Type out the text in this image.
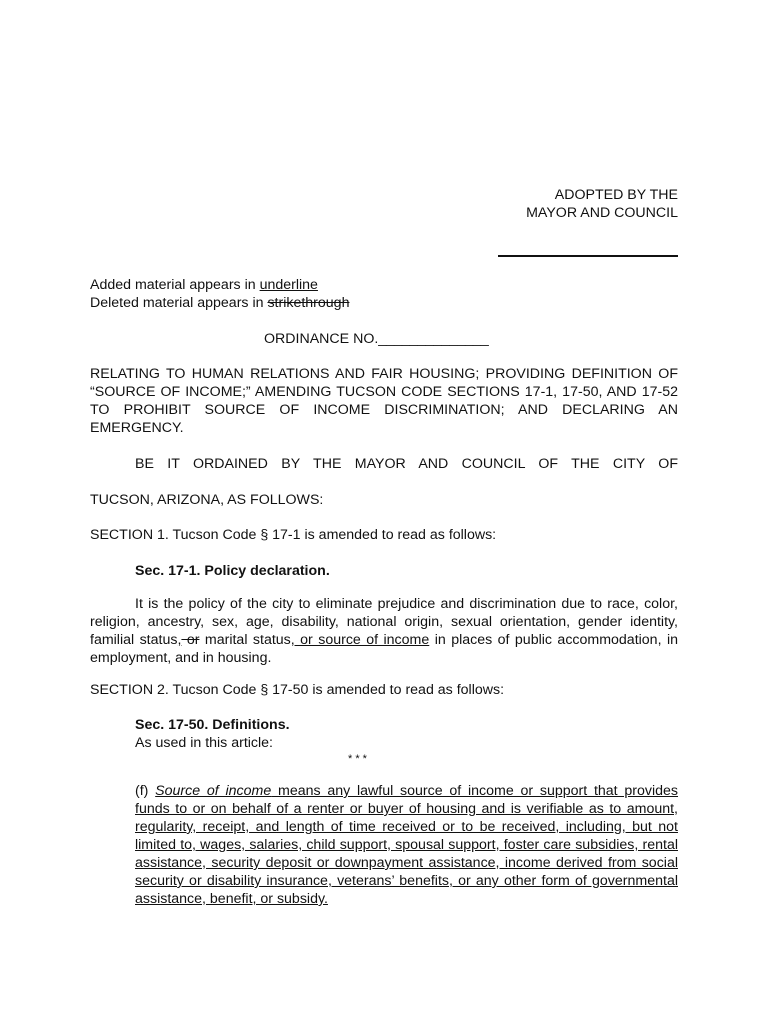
ADOPTED BY THE
MAYOR AND COUNCIL

Added material appears in underline

Deleted material appears in strikethrough

ORDINANCE NO.______________

RELATING TO HUMAN RELATIONS AND FAIR HOUSING; PROVIDING DEFINITION OF “SOURCE OF INCOME;” AMENDING TUCSON CODE SECTIONS 17-1, 17-50, AND 17-52 TO PROHIBIT SOURCE OF INCOME DISCRIMINATION; AND DECLARING AN EMERGENCY.

BE IT ORDAINED BY THE MAYOR AND COUNCIL OF THE CITY OF

TUCSON, ARIZONA, AS FOLLOWS:

SECTION 1. Tucson Code § 17-1 is amended to read as follows:

Sec. 17-1. Policy declaration.

It is the policy of the city to eliminate prejudice and discrimination due to race, color, religion, ancestry, sex, age, disability, national origin, sexual orientation, gender identity, familial status, or marital status, or source of income in places of public accommodation, in employment, and in housing.

SECTION 2. Tucson Code § 17-50 is amended to read as follows:

Sec. 17-50. Definitions.

As used in this article:

* * *

(f) Source of income means any lawful source of income or support that provides funds to or on behalf of a renter or buyer of housing and is verifiable as to amount, regularity, receipt, and length of time received or to be received, including, but not limited to, wages, salaries, child support, spousal support, foster care subsidies, rental assistance, security deposit or downpayment assistance, income derived from social security or disability insurance, veterans’ benefits, or any other form of governmental assistance, benefit, or subsidy.
